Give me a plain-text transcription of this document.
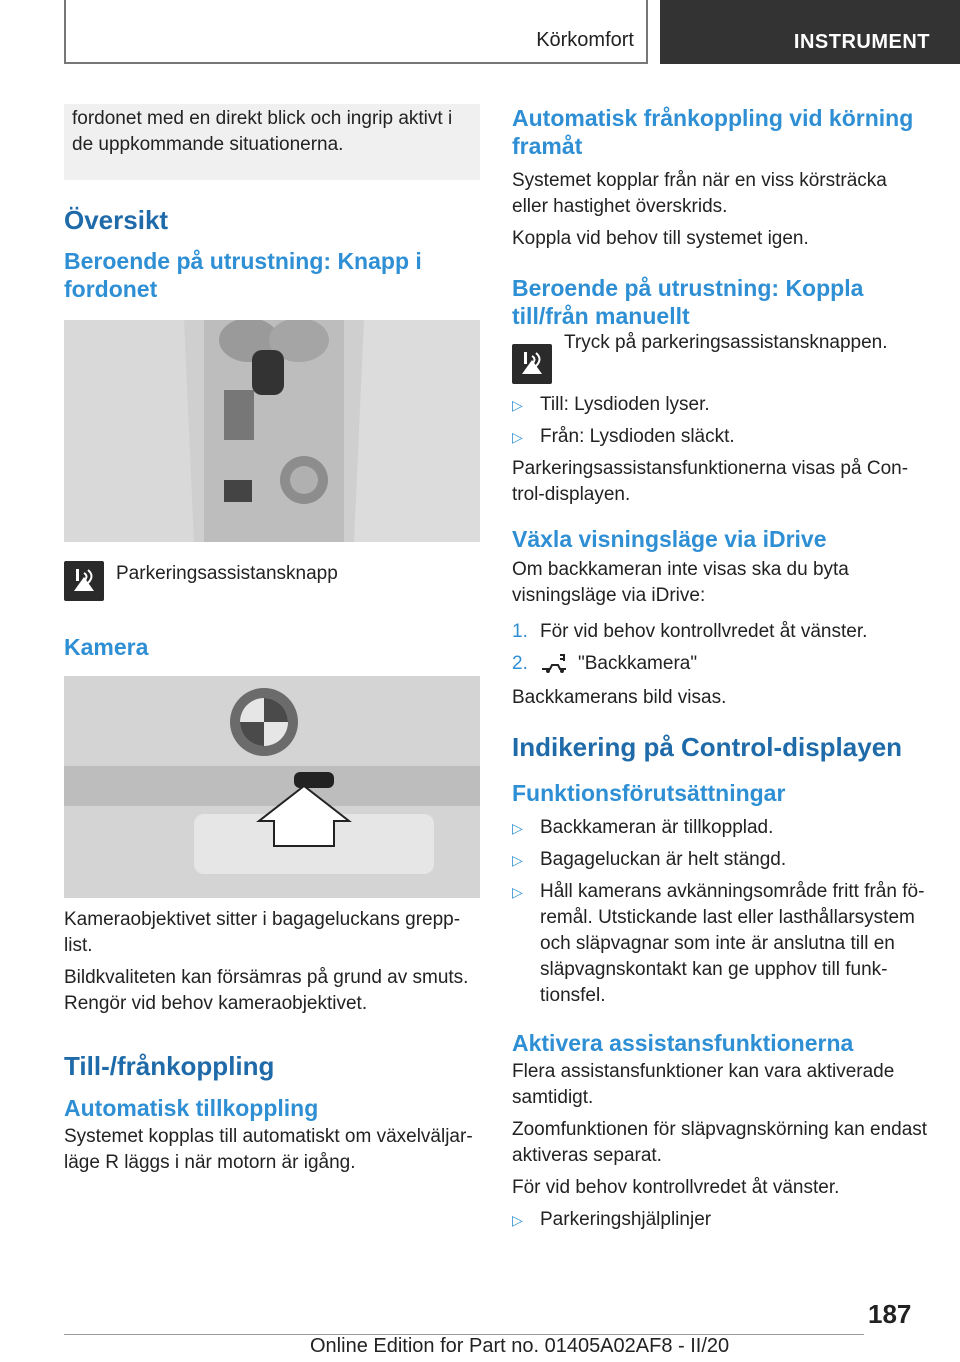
Körkomfort	INSTRUMENT
fordonet med en direkt blick och ingrip aktivt i de uppkommande situationerna.
Översikt
Beroende på utrustning: Knapp i fordonet
Parkeringsassistansknapp
Kamera

Kameraobjektivet sitter i bagageluckans grepplist.

Bildkvaliteten kan försämras på grund av smuts. Rengör vid behov kameraobjektivet.

Till-/frånkoppling
Automatisk tillkoppling

Systemet kopplas till automatiskt om växelväljarläge R läggs i när motorn är igång.

Automatisk frånkoppling vid körning framåt

Systemet kopplar från när en viss körsträcka eller hastighet överskrids.

Koppla vid behov till systemet igen.

Beroende på utrustning: Koppla till/från manuellt
Tryck på parkeringsassistansknappen.
▷ Till: Lysdioden lyser.
▷ Från: Lysdioden släckt.

Parkeringsassistansfunktionerna visas på Control-displayen.

Växla visningsläge via iDrive

Om backkameran inte visas ska du byta visningsläge via iDrive:

1. För vid behov kontrollvredet åt vänster.
2.	"Backkamera"

Backkamerans bild visas.

Indikering på Control-displayen
Funktionsförutsättningar
▷ Backkameran är tillkopplad.
▷ Bagageluckan är helt stängd.
▷ Håll kamerans avkänningsområde fritt från föremål. Utstickande last eller lasthållarsystem och släpvagnar som inte är anslutna till en släpvagnskontakt kan ge upphov till funktionsfel.
Aktivera assistansfunktionerna

Flera assistansfunktioner kan vara aktiverade samtidigt.

Zoomfunktionen för släpvagnskörning kan endast aktiveras separat.

För vid behov kontrollvredet åt vänster.

▷ Parkeringshjälplinjer
187
Online Edition for Part no. 01405A02AF8 - II/20
